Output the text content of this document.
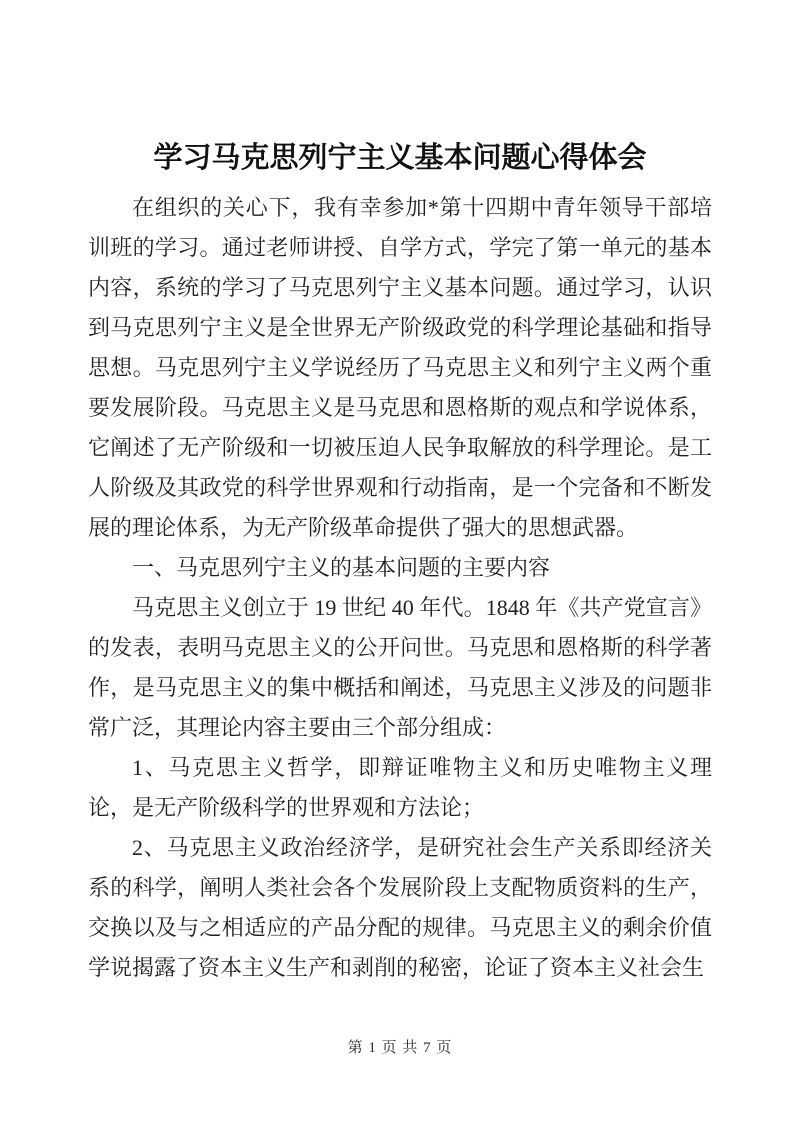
学习马克思列宁主义基本问题心得体会

在组织的关心下，我有幸参加*第十四期中青年领导干部培训班的学习。通过老师讲授、自学方式，学完了第一单元的基本内容，系统的学习了马克思列宁主义基本问题。通过学习，认识到马克思列宁主义是全世界无产阶级政党的科学理论基础和指导思想。马克思列宁主义学说经历了马克思主义和列宁主义两个重要发展阶段。马克思主义是马克思和恩格斯的观点和学说体系，它阐述了无产阶级和一切被压迫人民争取解放的科学理论。是工人阶级及其政党的科学世界观和行动指南，是一个完备和不断发展的理论体系，为无产阶级革命提供了强大的思想武器。

一、马克思列宁主义的基本问题的主要内容

马克思主义创立于 19 世纪 40 年代。1848 年《共产党宣言》的发表，表明马克思主义的公开问世。马克思和恩格斯的科学著作，是马克思主义的集中概括和阐述，马克思主义涉及的问题非常广泛，其理论内容主要由三个部分组成：

1、马克思主义哲学，即辩证唯物主义和历史唯物主义理论，是无产阶级科学的世界观和方法论；

2、马克思主义政治经济学，是研究社会生产关系即经济关系的科学，阐明人类社会各个发展阶段上支配物质资料的生产，交换以及与之相适应的产品分配的规律。马克思主义的剩余价值学说揭露了资本主义生产和剥削的秘密，论证了资本主义社会生

第 1 页 共 7 页
